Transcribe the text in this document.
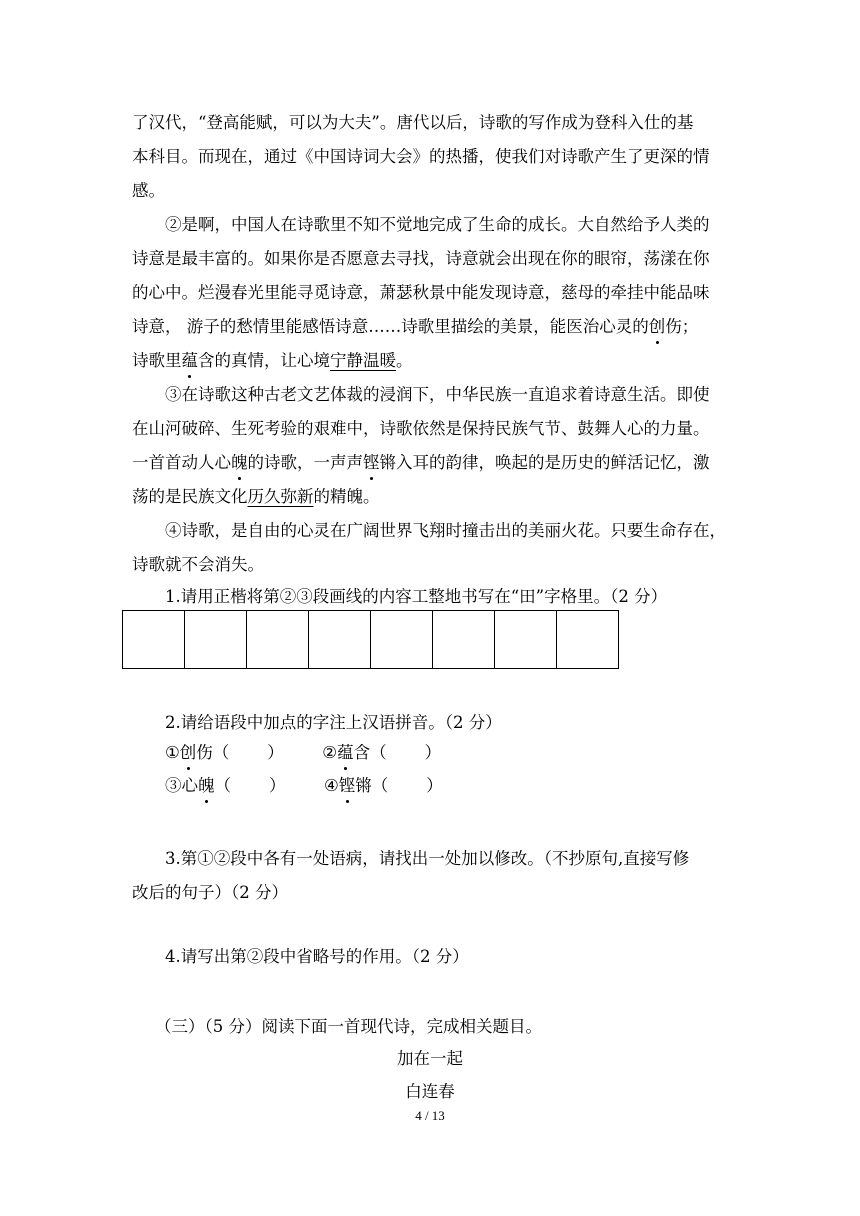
了汉代，“登高能赋，可以为大夫”。唐代以后，诗歌的写作成为登科入仕的基
本科目。而现在，通过《中国诗词大会》的热播，使我们对诗歌产生了更深的情
感。
②是啊，中国人在诗歌里不知不觉地完成了生命的成长。大自然给予人类的
诗意是最丰富的。如果你是否愿意去寻找，诗意就会出现在你的眼帘，荡漾在你
的心中。烂漫春光里能寻觅诗意，萧瑟秋景中能发现诗意，慈母的牵挂中能品味
诗意， 游子的愁情里能感悟诗意……诗歌里描绘的美景，能医治心灵的创伤；
诗歌里蕴含的真情，让心境宁静温暖。
③在诗歌这种古老文艺体裁的浸润下，中华民族一直追求着诗意生活。即使
在山河破碎、生死考验的艰难中，诗歌依然是保持民族气节、鼓舞人心的力量。
一首首动人心魄的诗歌，一声声铿锵入耳的韵律，唤起的是历史的鲜活记忆，激
荡的是民族文化历久弥新的精魄。
④诗歌，是自由的心灵在广阔世界飞翔时撞击出的美丽火花。只要生命存在，
诗歌就不会消失。
1.请用正楷将第②③段画线的内容工整地书写在“田”字格里。（2 分）
2.请给语段中加点的字注上汉语拼音。（2 分）
①创伤（ ） ②蕴含（ ）
③心魄（ ） ④铿锵（ ）
3.第①②段中各有一处语病，请找出一处加以修改。（不抄原句,直接写修
改后的句子）（2 分）
4.请写出第②段中省略号的作用。（2 分）
（三）（5 分）阅读下面一首现代诗，完成相关题目。
加在一起
白连春
4 / 13
